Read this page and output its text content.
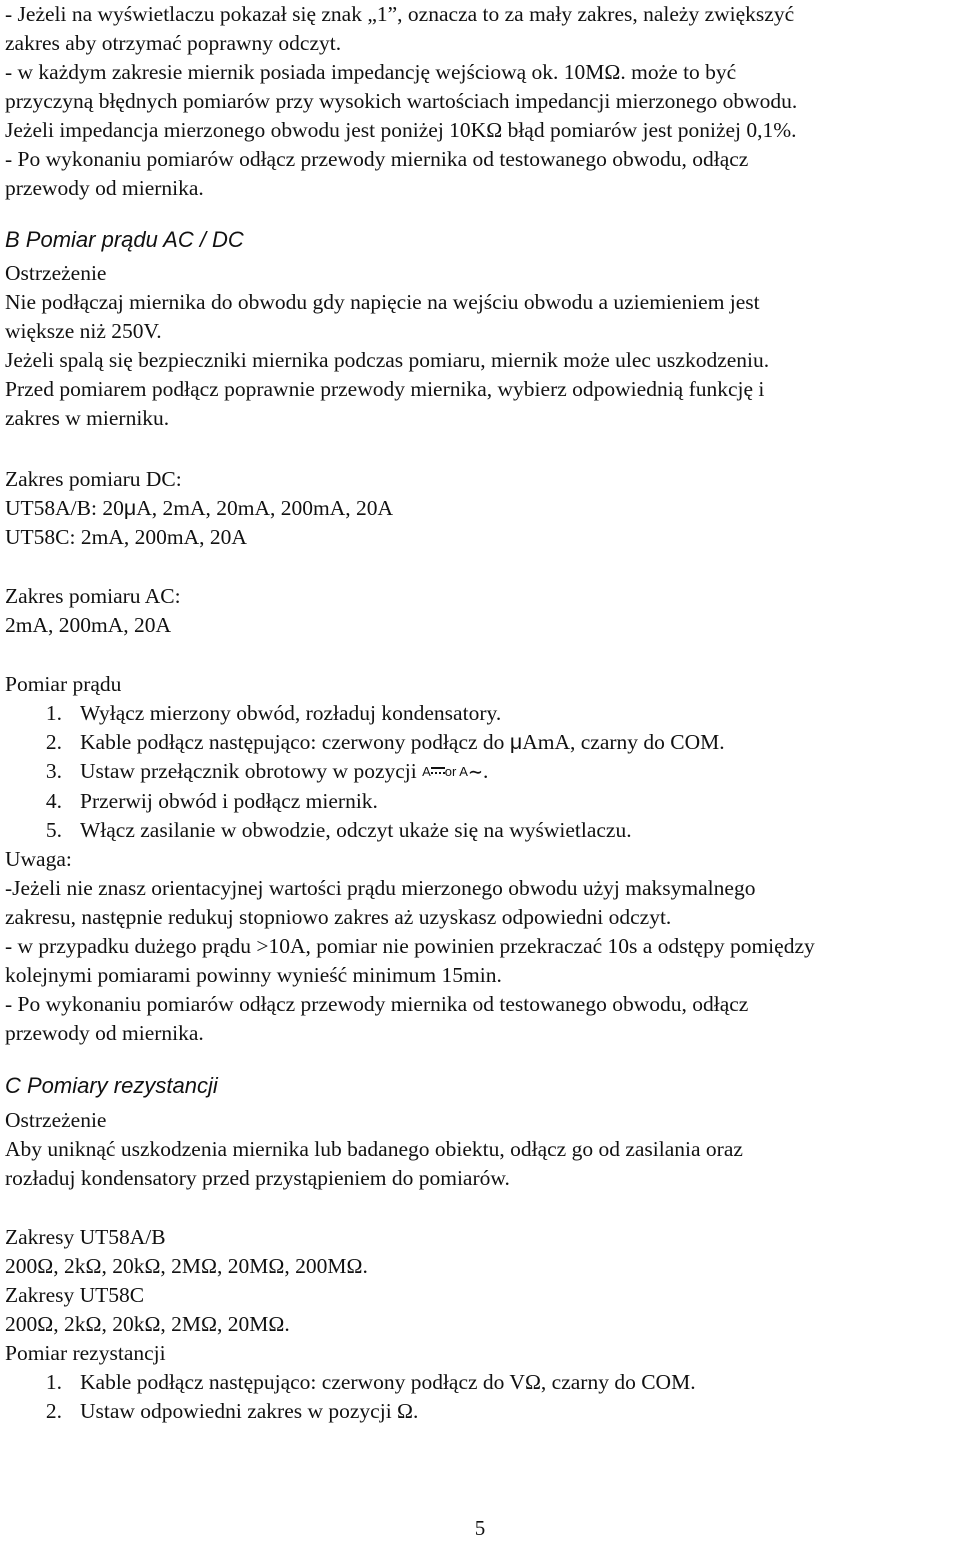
- Jeżeli na wyświetlaczu pokazał się znak „1”, oznacza to za mały zakres, należy zwiększyć
zakres aby otrzymać poprawny odczyt.
- w każdym zakresie miernik posiada impedancję wejściową ok. 10MΩ. może to być
przyczyną błędnych pomiarów przy wysokich wartościach impedancji mierzonego obwodu.
Jeżeli impedancja mierzonego obwodu jest poniżej 10KΩ błąd pomiarów jest poniżej 0,1%.
- Po wykonaniu pomiarów odłącz przewody miernika od testowanego obwodu, odłącz
przewody od miernika.
B Pomiar prądu AC / DC
Ostrzeżenie
Nie podłączaj miernika do obwodu gdy napięcie na wejściu obwodu a uziemieniem jest
większe niż 250V.
Jeżeli spalą się bezpieczniki miernika podczas pomiaru, miernik może ulec uszkodzeniu.
Przed pomiarem podłącz poprawnie przewody miernika, wybierz odpowiednią funkcję i
zakres w mierniku.
Zakres pomiaru DC:
UT58A/B: 20μA, 2mA, 20mA, 200mA, 20A
UT58C: 2mA, 200mA, 20A
Zakres pomiaru AC:
2mA, 200mA, 20A
Pomiar prądu
1. Wyłącz mierzony obwód, rozładuj kondensatory.
2. Kable podłącz następująco: czerwony podłącz do μAmA, czarny do COM.
3. Ustaw przełącznik obrotowy w pozycji A or A∼.
4. Przerwij obwód i podłącz miernik.
5. Włącz zasilanie w obwodzie, odczyt ukaże się na wyświetlaczu.
Uwaga:
-Jeżeli nie znasz orientacyjnej wartości prądu mierzonego obwodu użyj maksymalnego
zakresu, następnie redukuj stopniowo zakres aż uzyskasz odpowiedni odczyt.
- w przypadku dużego prądu >10A, pomiar nie powinien przekraczać 10s a odstępy pomiędzy
kolejnymi pomiarami powinny wynieść minimum 15min.
- Po wykonaniu pomiarów odłącz przewody miernika od testowanego obwodu, odłącz
przewody od miernika.
C Pomiary rezystancji
Ostrzeżenie
Aby uniknąć uszkodzenia miernika lub badanego obiektu, odłącz go od zasilania oraz
rozładuj kondensatory przed przystąpieniem do pomiarów.
Zakresy UT58A/B
200Ω, 2kΩ, 20kΩ, 2MΩ, 20MΩ, 200MΩ.
Zakresy UT58C
200Ω, 2kΩ, 20kΩ, 2MΩ, 20MΩ.
Pomiar rezystancji
1. Kable podłącz następująco: czerwony podłącz do VΩ, czarny do COM.
2. Ustaw odpowiedni zakres w pozycji Ω.
5
